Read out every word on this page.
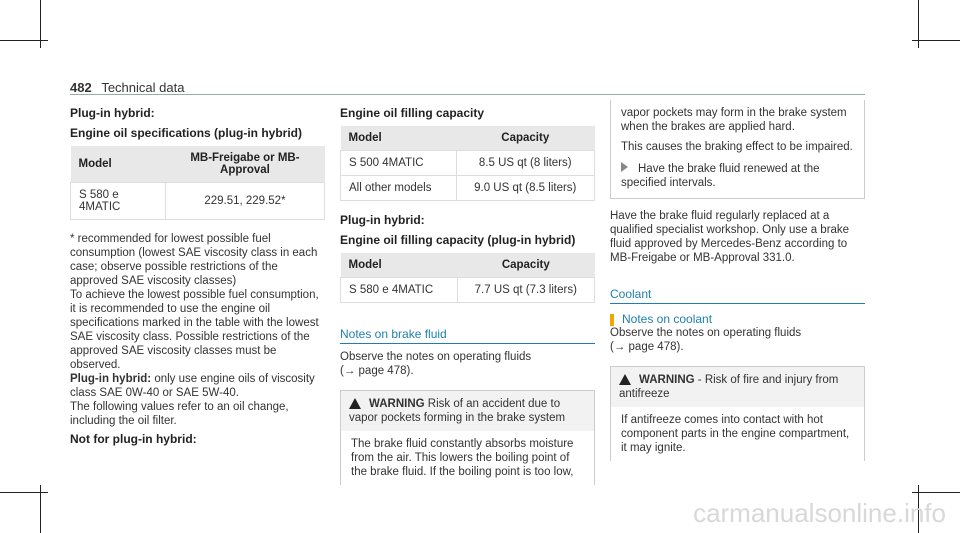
482 Technical data
Plug-in hybrid:
Engine oil specifications (plug-in hybrid)
Model	MB-Freigabe or MB-Approval
S 580 e 4MATIC	229.51, 229.52*

* recommended for lowest possible fuel consumption (lowest SAE viscosity class in each case; observe possible restrictions of the approved SAE viscosity classes)

To achieve the lowest possible fuel consumption, it is recommended to use the engine oil specifications marked in the table with the lowest SAE viscosity class. Possible restrictions of the approved SAE viscosity classes must be observed.

Plug-in hybrid: only use engine oils of viscosity class SAE 0W-40 or SAE 5W-40.

The following values refer to an oil change, including the oil filter.

Not for plug-in hybrid:
Engine oil filling capacity
Model	Capacity
S 500 4MATIC	8.5 US qt (8 liters)
All other models	9.0 US qt (8.5 liters)
Plug-in hybrid:
Engine oil filling capacity (plug-in hybrid)
Model	Capacity
S 580 e 4MATIC	7.7 US qt (7.3 liters)
Notes on brake fluid

Observe the notes on operating fluids

(→ page 478).

WARNING Risk of an accident due to vapor pockets forming in the brake system
The brake fluid constantly absorbs moisture from the air. This lowers the boiling point of the brake fluid. If the boiling point is too low,

vapor pockets may form in the brake system when the brakes are applied hard.

This causes the braking effect to be impaired.

Have the brake fluid renewed at the specified intervals.

Have the brake fluid regularly replaced at a qualified specialist workshop. Only use a brake fluid approved by Mercedes-Benz according to MB-Freigabe or MB-Approval 331.0.

Coolant
Notes on coolant

Observe the notes on operating fluids

(→ page 478).

WARNING - Risk of fire and injury from antifreeze
If antifreeze comes into contact with hot component parts in the engine compartment, it may ignite.
carmanualsonline.info
